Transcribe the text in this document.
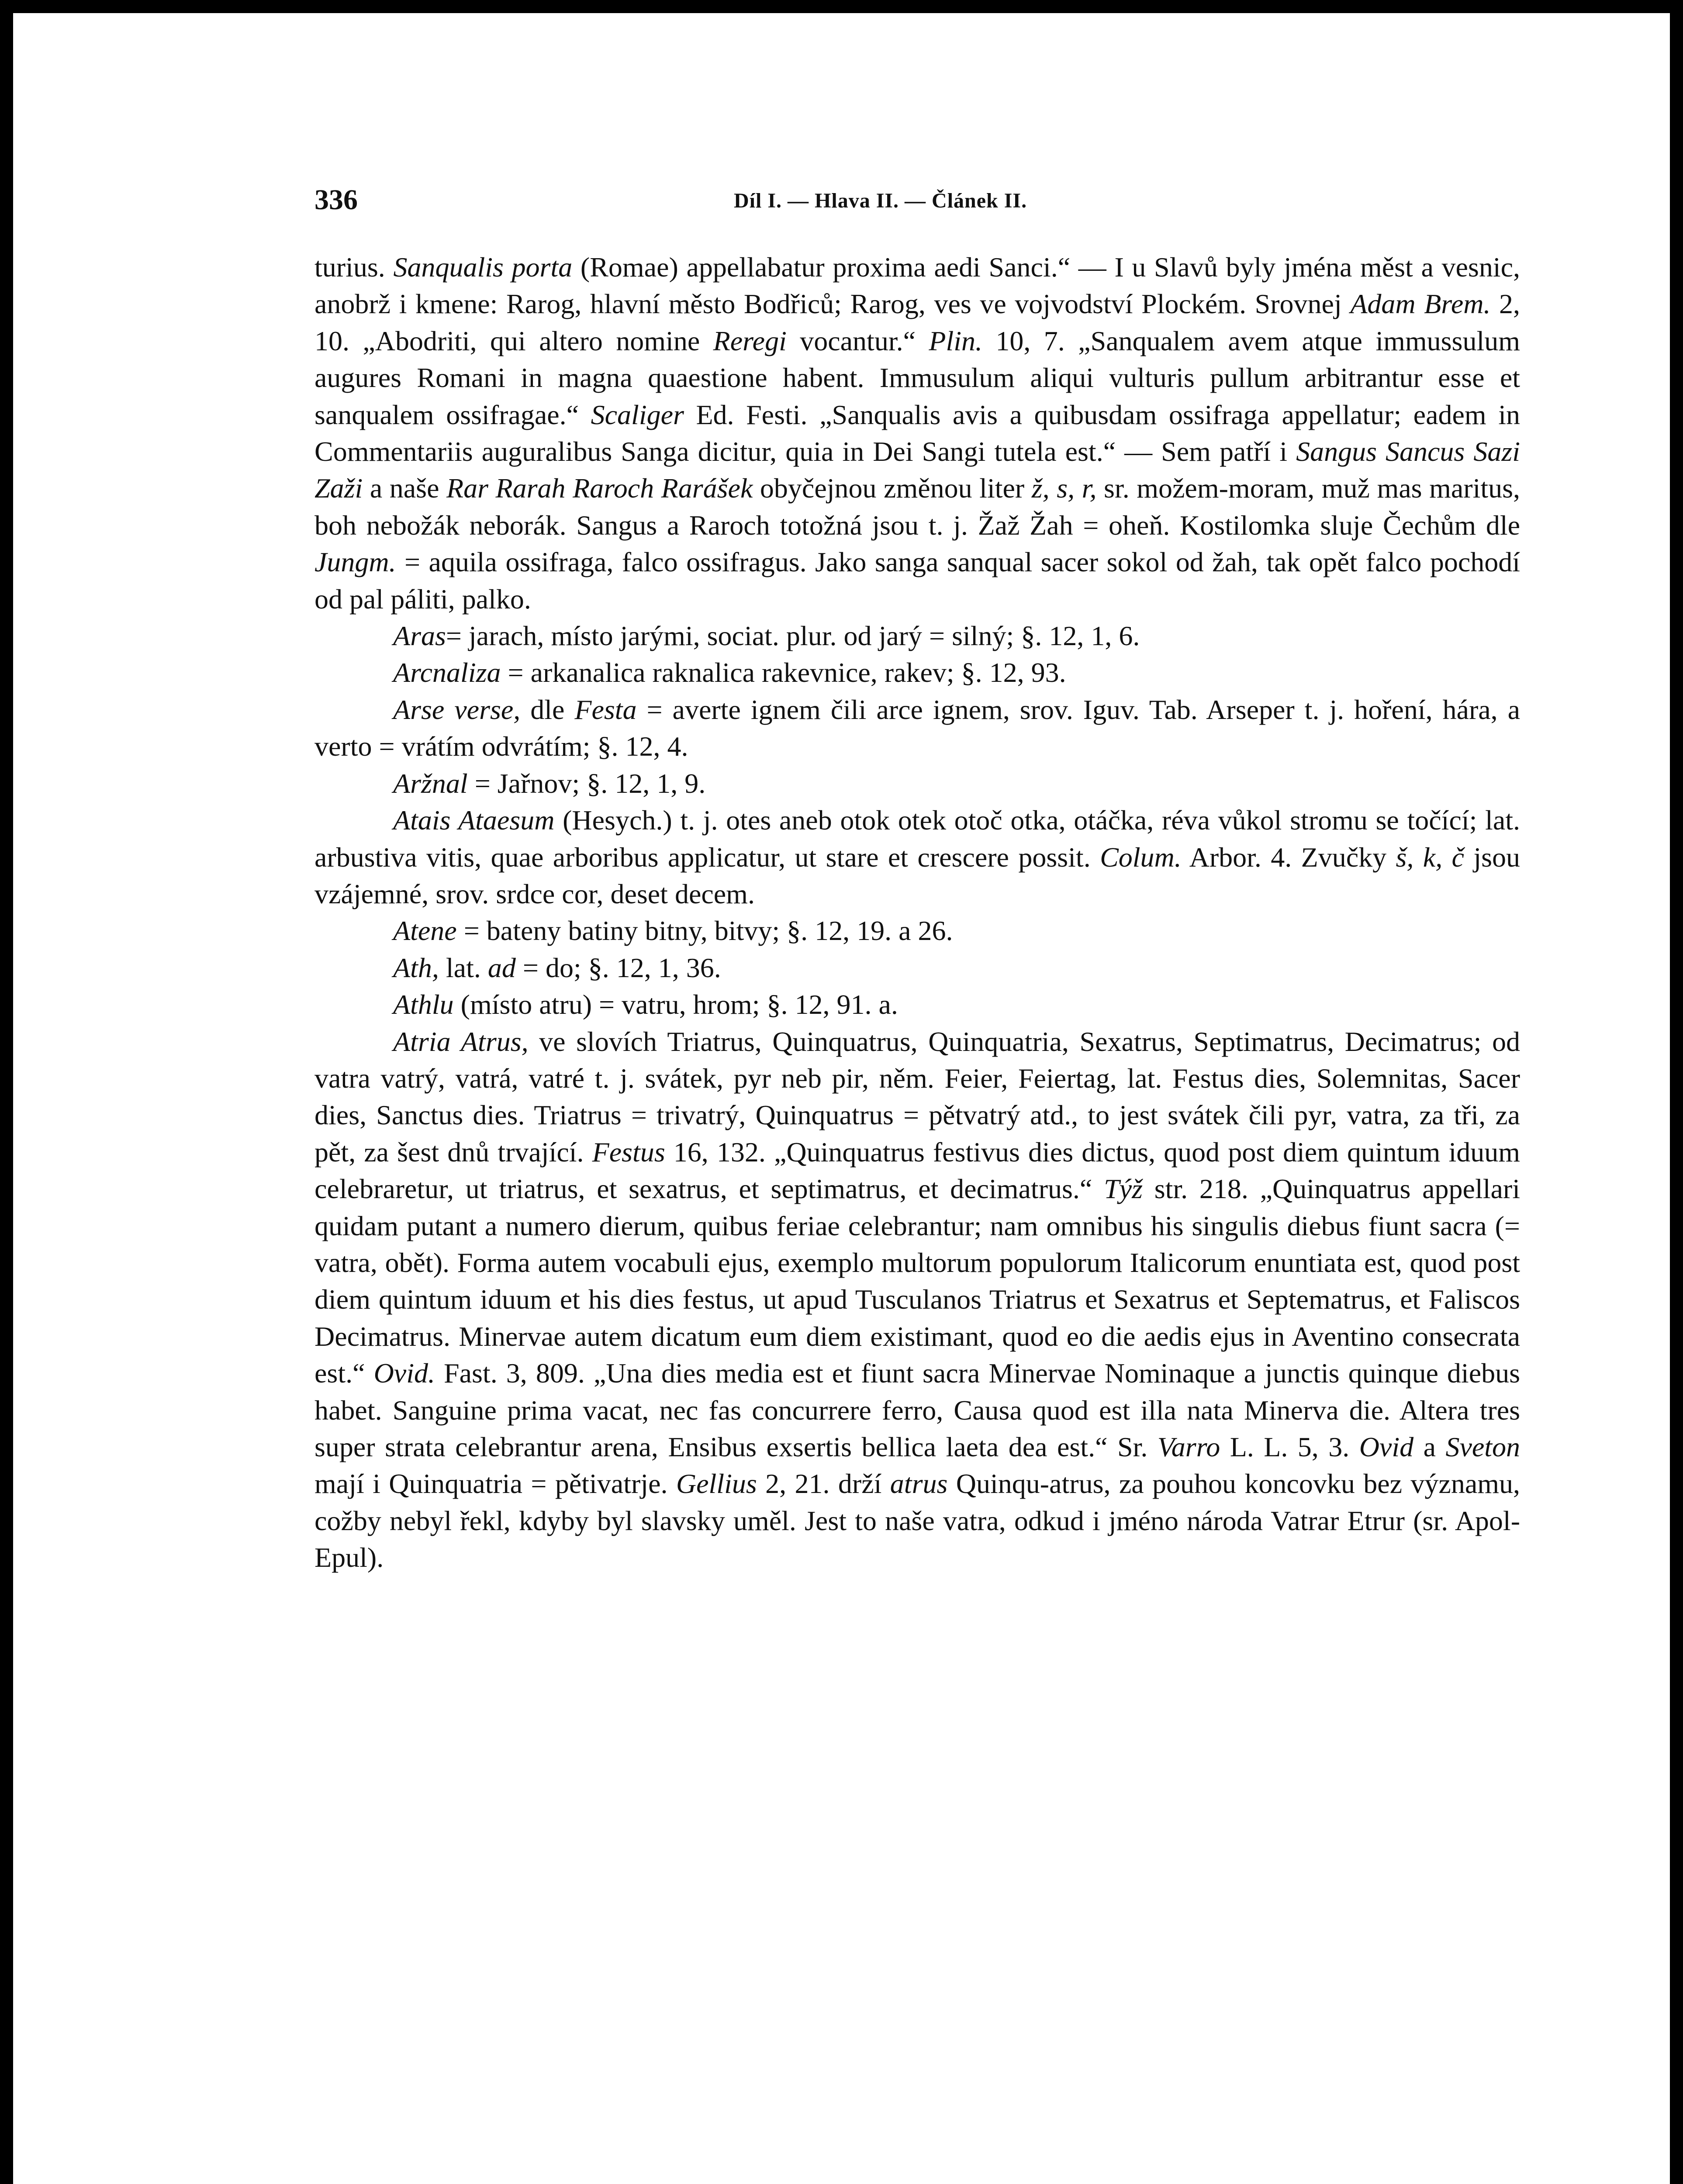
336	Díl I. — Hlava II. — Článek II.

turius. Sanqualis porta (Romae) appellabatur proxima aedi Sanci.“ — I u Slavů byly jména měst a vesnic, anobrž i kmene: Rarog, hlavní město Bodřiců; Rarog, ves ve vojvodství Plockém. Srovnej Adam Brem. 2, 10. „Abodriti, qui altero nomine Reregi vocantur.“ Plin. 10, 7. „Sanqualem avem atque immussulum augures Romani in magna quaestione habent. Immusulum aliqui vulturis pullum arbitrantur esse et sanqualem ossifragae.“ Scaliger Ed. Festi. „Sanqualis avis a quibusdam ossifraga appellatur; eadem in Commentariis auguralibus Sanga dicitur, quia in Dei Sangi tutela est.“ — Sem patří i Sangus Sancus Sazi Zaži a naše Rar Rarah Raroch Rarášek obyčejnou změnou liter ž, s, r, sr. možem-moram, muž mas maritus, boh nebožák neborák. Sangus a Raroch totožná jsou t. j. Žaž Žah = oheň. Kostilomka sluje Čechům dle Jungm. = aquila ossifraga, falco ossifragus. Jako sanga sanqual sacer sokol od žah, tak opět falco pochodí od pal páliti, palko.

Aras= jarach, místo jarými, sociat. plur. od jarý = silný; §. 12, 1, 6.

Arcnaliza = arkanalica raknalica rakevnice, rakev; §. 12, 93.

Arse verse, dle Festa = averte ignem čili arce ignem, srov. Iguv. Tab. Arseper t. j. hoření, hára, a verto = vrátím odvrátím; §. 12, 4.

Aržnal = Jařnov; §. 12, 1, 9.

Atais Ataesum (Hesych.) t. j. otes aneb otok otek otoč otka, otáčka, réva vůkol stromu se točící; lat. arbustiva vitis, quae arboribus applicatur, ut stare et crescere possit. Colum. Arbor. 4. Zvučky š, k, č jsou vzájemné, srov. srdce cor, deset decem.

Atene = bateny batiny bitny, bitvy; §. 12, 19. a 26.

Ath, lat. ad = do; §. 12, 1, 36.

Athlu (místo atru) = vatru, hrom; §. 12, 91. a.

Atria Atrus, ve slovích Triatrus, Quinquatrus, Quinquatria, Sexatrus, Septimatrus, Decimatrus; od vatra vatrý, vatrá, vatré t. j. svátek, pyr neb pir, něm. Feier, Feiertag, lat. Festus dies, Solemnitas, Sacer dies, Sanctus dies. Triatrus = trivatrý, Quinquatrus = pětvatrý atd., to jest svátek čili pyr, vatra, za tři, za pět, za šest dnů trvající. Festus 16, 132. „Quinquatrus festivus dies dictus, quod post diem quintum iduum celebraretur, ut triatrus, et sexatrus, et septimatrus, et decimatrus.“ Týž str. 218. „Quinquatrus appellari quidam putant a numero dierum, quibus feriae celebrantur; nam omnibus his singulis diebus fiunt sacra (= vatra, obět). Forma autem vocabuli ejus, exemplo multorum populorum Italicorum enuntiata est, quod post diem quintum iduum et his dies festus, ut apud Tusculanos Triatrus et Sexatrus et Septematrus, et Faliscos Decimatrus. Minervae autem dicatum eum diem existimant, quod eo die aedis ejus in Aventino consecrata est.“ Ovid. Fast. 3, 809. „Una dies media est et fiunt sacra Minervae Nominaque a junctis quinque diebus habet. Sanguine prima vacat, nec fas concurrere ferro, Causa quod est illa nata Minerva die. Altera tres super strata celebrantur arena, Ensibus exsertis bellica laeta dea est.“ Sr. Varro L. L. 5, 3. Ovid a Sveton mají i Quinquatria = pětivatrje. Gellius 2, 21. drží atrus Quinqu-atrus, za pouhou koncovku bez významu, cožby nebyl řekl, kdyby byl slavsky uměl. Jest to naše vatra, odkud i jméno národa Vatrar Etrur (sr. Apol-Epul).
